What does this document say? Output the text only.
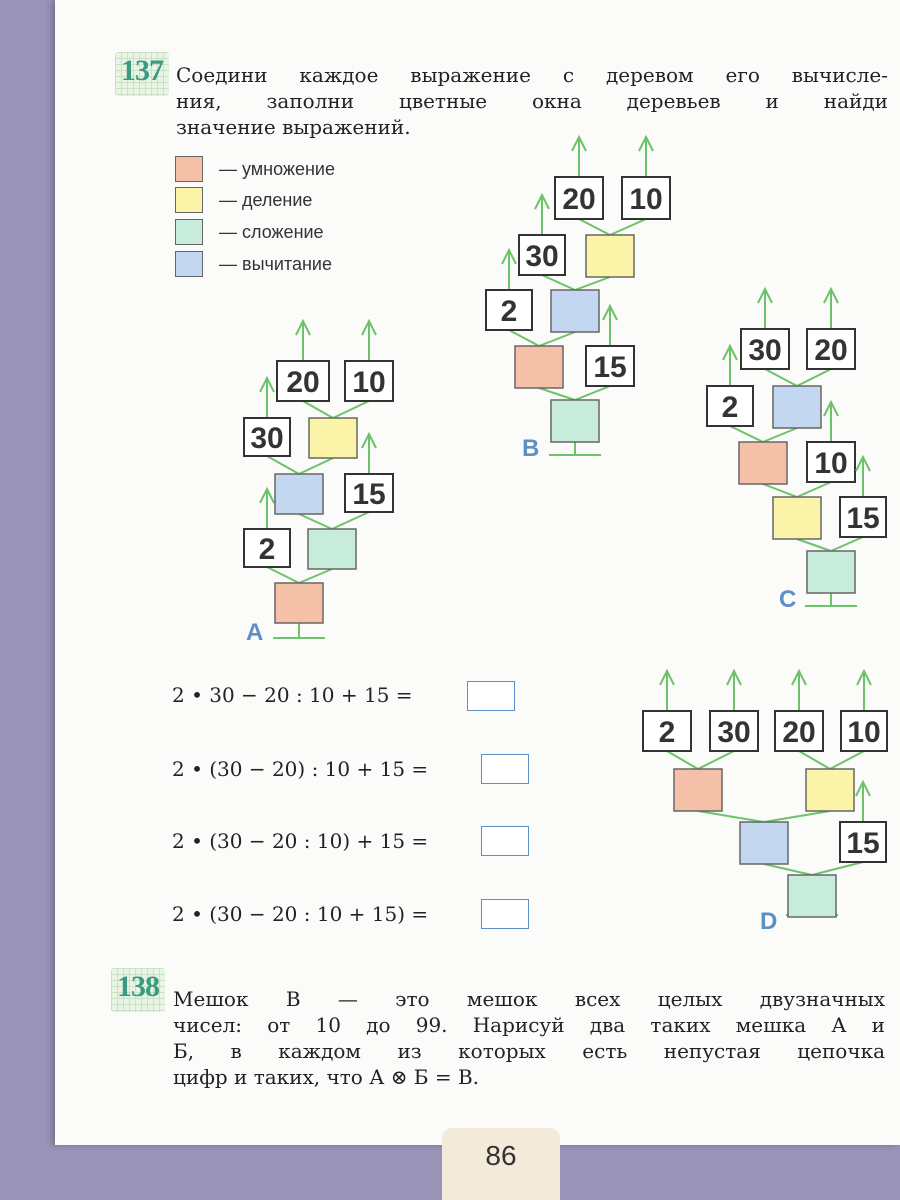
137 Соедини каждое выражение с деревом его вычисле-
ния, заполни цветные окна деревьев и найди
значение выражений.
— умножение
— деление
— сложение
— вычитание
20 10
30
15
2
A
20 10
30
2
15
B
30 20
2
10
15
C
2 30 20 10
15
D
2 • 30 − 20 : 10 + 15 =
2 • (30 − 20) : 10 + 15 =
2 • (30 − 20 : 10) + 15 =
2 • (30 − 20 : 10 + 15) =
138 Мешок В — это мешок всех целых двузначных
чисел: от 10 до 99. Нарисуй два таких мешка А и
Б, в каждом из которых есть непустая цепочка
цифр и таких, что А ⊗ Б = В.
86
